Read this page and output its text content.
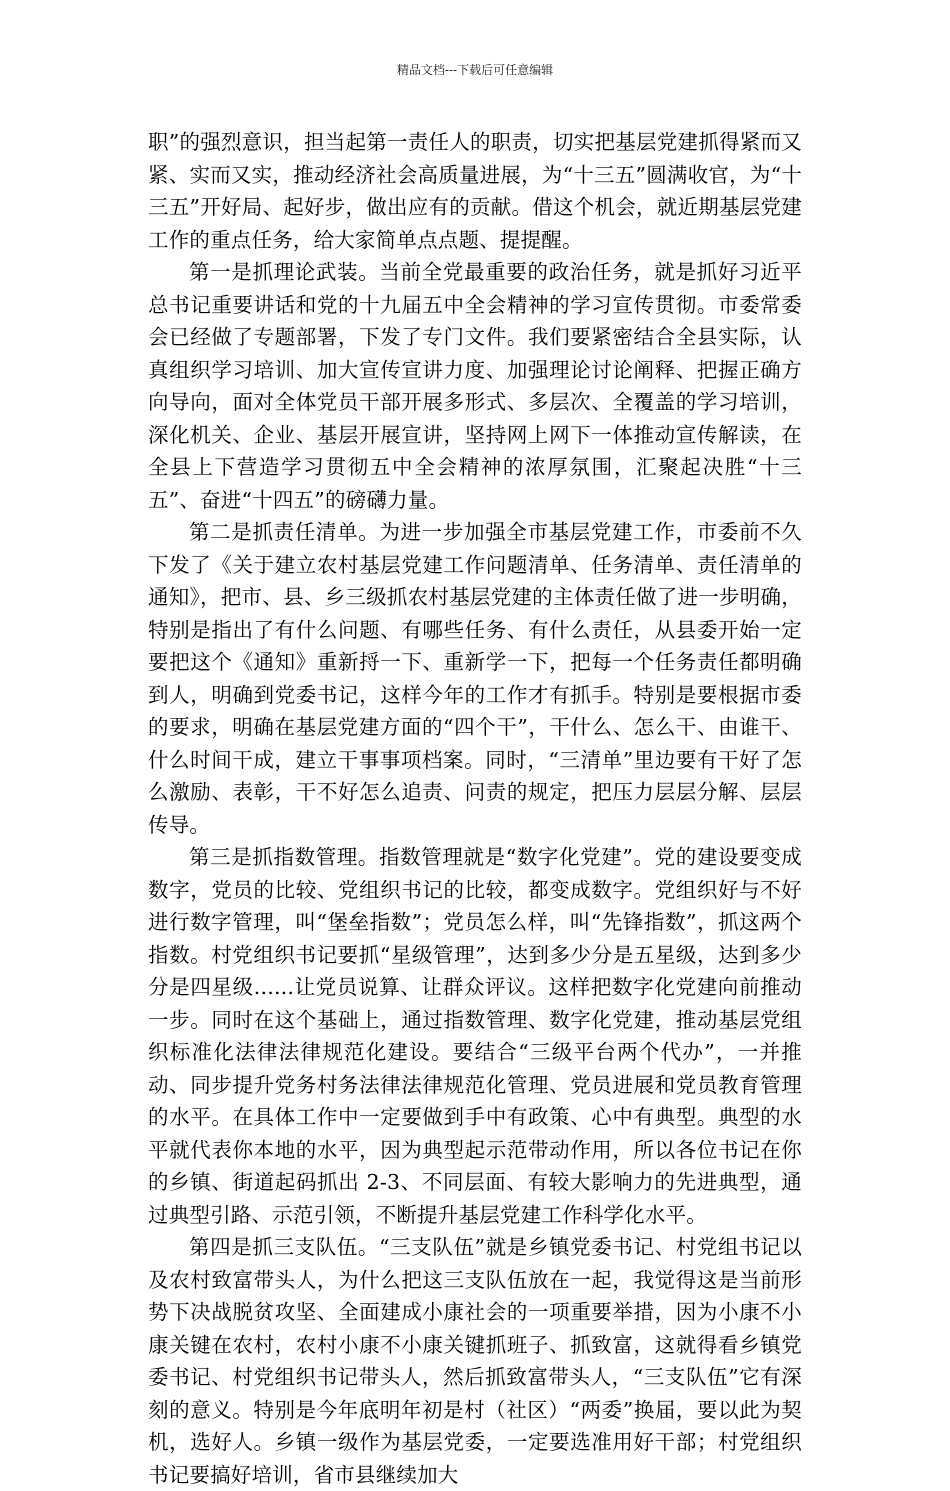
精品文档---下载后可任意编辑

职”的强烈意识，担当起第一责任人的职责，切实把基层党建抓得紧而又紧、实而又实，推动经济社会高质量进展，为“十三五”圆满收官，为“十三五”开好局、起好步，做出应有的贡献。借这个机会，就近期基层党建工作的重点任务，给大家简单点点题、提提醒。

第一是抓理论武装。当前全党最重要的政治任务，就是抓好习近平总书记重要讲话和党的十九届五中全会精神的学习宣传贯彻。市委常委会已经做了专题部署，下发了专门文件。我们要紧密结合全县实际，认真组织学习培训、加大宣传宣讲力度、加强理论讨论阐释、把握正确方向导向，面对全体党员干部开展多形式、多层次、全覆盖的学习培训，深化机关、企业、基层开展宣讲，坚持网上网下一体推动宣传解读，在全县上下营造学习贯彻五中全会精神的浓厚氛围，汇聚起决胜“十三五”、奋进“十四五”的磅礴力量。

第二是抓责任清单。为进一步加强全市基层党建工作，市委前不久下发了《关于建立农村基层党建工作问题清单、任务清单、责任清单的通知》，把市、县、乡三级抓农村基层党建的主体责任做了进一步明确，特别是指出了有什么问题、有哪些任务、有什么责任，从县委开始一定要把这个《通知》重新捋一下、重新学一下，把每一个任务责任都明确到人，明确到党委书记，这样今年的工作才有抓手。特别是要根据市委的要求，明确在基层党建方面的“四个干”，干什么、怎么干、由谁干、什么时间干成，建立干事事项档案。同时，“三清单”里边要有干好了怎么激励、表彰，干不好怎么追责、问责的规定，把压力层层分解、层层传导。

第三是抓指数管理。指数管理就是“数字化党建”。党的建设要变成数字，党员的比较、党组织书记的比较，都变成数字。党组织好与不好进行数字管理，叫“堡垒指数”；党员怎么样，叫“先锋指数”，抓这两个指数。村党组织书记要抓“星级管理”，达到多少分是五星级，达到多少分是四星级......让党员说算、让群众评议。这样把数字化党建向前推动一步。同时在这个基础上，通过指数管理、数字化党建，推动基层党组织标准化法律法律规范化建设。要结合“三级平台两个代办”，一并推动、同步提升党务村务法律法律规范化管理、党员进展和党员教育管理的水平。在具体工作中一定要做到手中有政策、心中有典型。典型的水平就代表你本地的水平，因为典型起示范带动作用，所以各位书记在你的乡镇、街道起码抓出 2-3、不同层面、有较大影响力的先进典型，通过典型引路、示范引领，不断提升基层党建工作科学化水平。

第四是抓三支队伍。“三支队伍”就是乡镇党委书记、村党组书记以及农村致富带头人，为什么把这三支队伍放在一起，我觉得这是当前形势下决战脱贫攻坚、全面建成小康社会的一项重要举措，因为小康不小康关键在农村，农村小康不小康关键抓班子、抓致富，这就得看乡镇党委书记、村党组织书记带头人，然后抓致富带头人，“三支队伍”它有深刻的意义。特别是今年底明年初是村（社区）“两委”换届，要以此为契机，选好人。乡镇一级作为基层党委，一定要选准用好干部；村党组织书记要搞好培训，省市县继续加大
